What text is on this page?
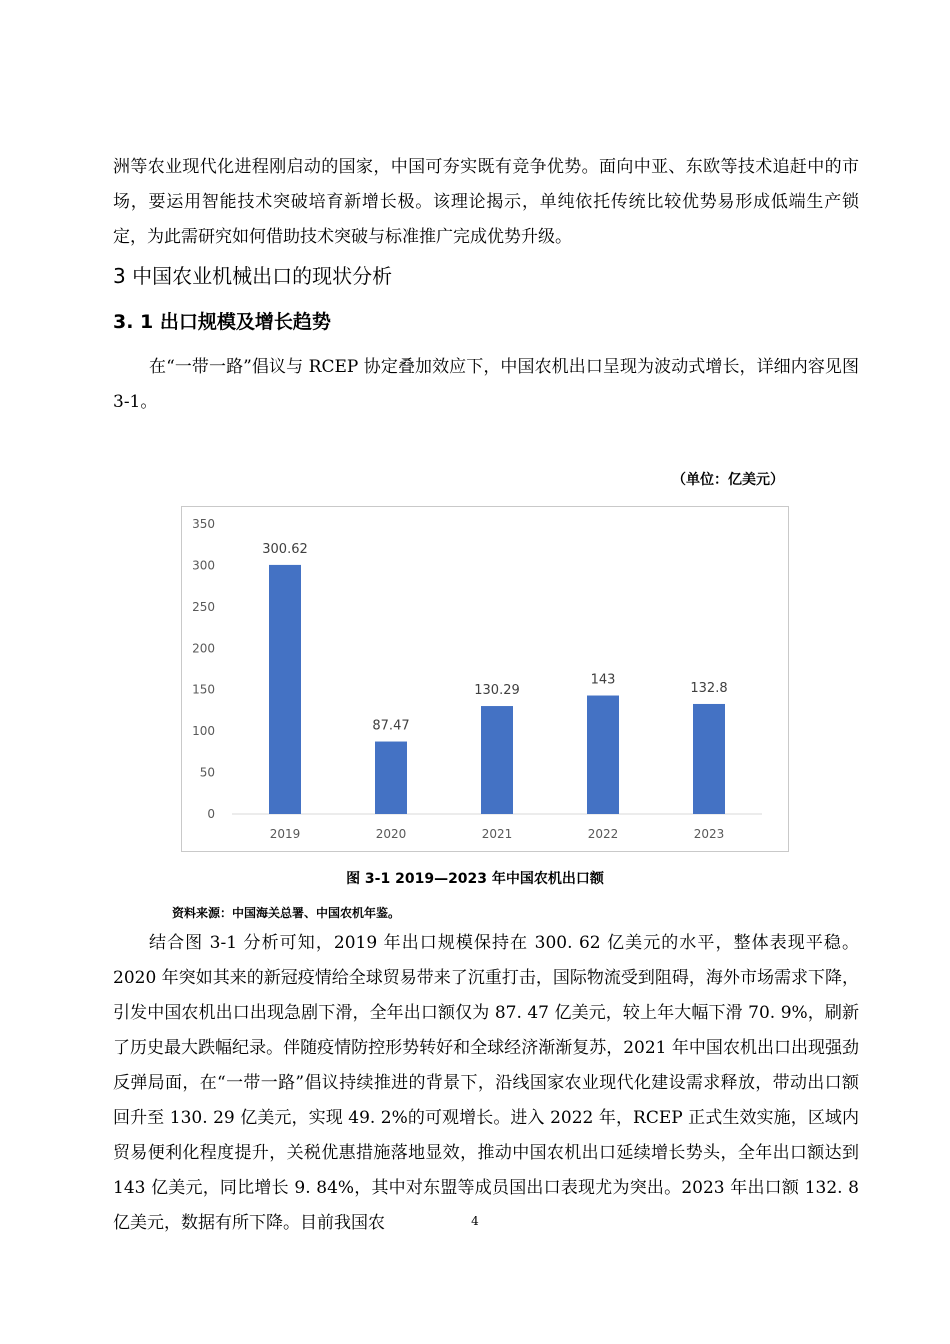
洲等农业现代化进程刚启动的国家，中国可夯实既有竞争优势。面向中亚、东欧等技术追赶中的市场，要运用智能技术突破培育新增长极。该理论揭示，单纯依托传统比较优势易形成低端生产锁定，为此需研究如何借助技术突破与标准推广完成优势升级。

3 中国农业机械出口的现状分析
3. 1 出口规模及增长趋势

在“一带一路”倡议与 RCEP 协定叠加效应下，中国农机出口呈现为波动式增长，详细内容见图 3-1。

（单位：亿美元）
0
50
100
150
200
250
300
350
300.62
2019
87.47
2020
130.29
2021
143
2022
132.8
2023
图 3-1 2019—2023 年中国农机出口额
资料来源：中国海关总署、中国农机年鉴。

结合图 3-1 分析可知，2019 年出口规模保持在 300. 62 亿美元的水平，整体表现平稳。2020 年突如其来的新冠疫情给全球贸易带来了沉重打击，国际物流受到阻碍，海外市场需求下降，引发中国农机出口出现急剧下滑，全年出口额仅为 87. 47 亿美元，较上年大幅下滑 70. 9%，刷新了历史最大跌幅纪录。伴随疫情防控形势转好和全球经济渐渐复苏，2021 年中国农机出口出现强劲反弹局面，在“一带一路”倡议持续推进的背景下，沿线国家农业现代化建设需求释放，带动出口额回升至 130. 29 亿美元，实现 49. 2%的可观增长。进入 2022 年，RCEP 正式生效实施，区域内贸易便利化程度提升，关税优惠措施落地显效，推动中国农机出口延续增长势头，全年出口额达到 143 亿美元，同比增长 9. 84%，其中对东盟等成员国出口表现尤为突出。2023 年出口额 132. 8 亿美元，数据有所下降。目前我国农	4
